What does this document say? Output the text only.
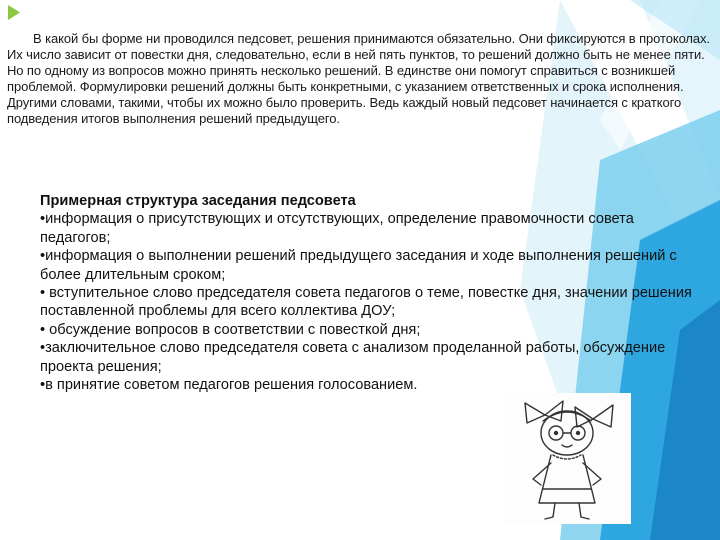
В какой бы форме ни проводился педсовет, решения принимаются обязательно. Они фиксируются в протоколах. Их число зависит от повестки дня, следовательно, если в ней пять пунктов, то решений должно быть не менее пяти. Но по одному из вопросов можно принять несколько решений. В единстве они помогут справиться с возникшей проблемой. Формулировки решений должны быть конкретными, с указанием ответственных и срока исполнения. Другими словами, такими, чтобы их можно было проверить. Ведь каждый новый педсовет начинается с краткого подведения итогов выполнения решений предыдущего.

Примерная структура заседания педсовета
•информация о присутствующих и отсутствующих, определение правомочности совета педагогов;
•информация о выполнении решений предыдущего заседания и ходе выполнения решений с более длительным сроком;
• вступительное слово председателя совета педагогов о теме, повестке дня, значении решения поставленной проблемы для всего коллектива ДОУ;
• обсуждение вопросов в соответствии с повесткой дня;
•заключительное слово председателя совета с анализом проделанной работы, обсуждение проекта решения;
•в принятие советом педагогов решения голосованием.
